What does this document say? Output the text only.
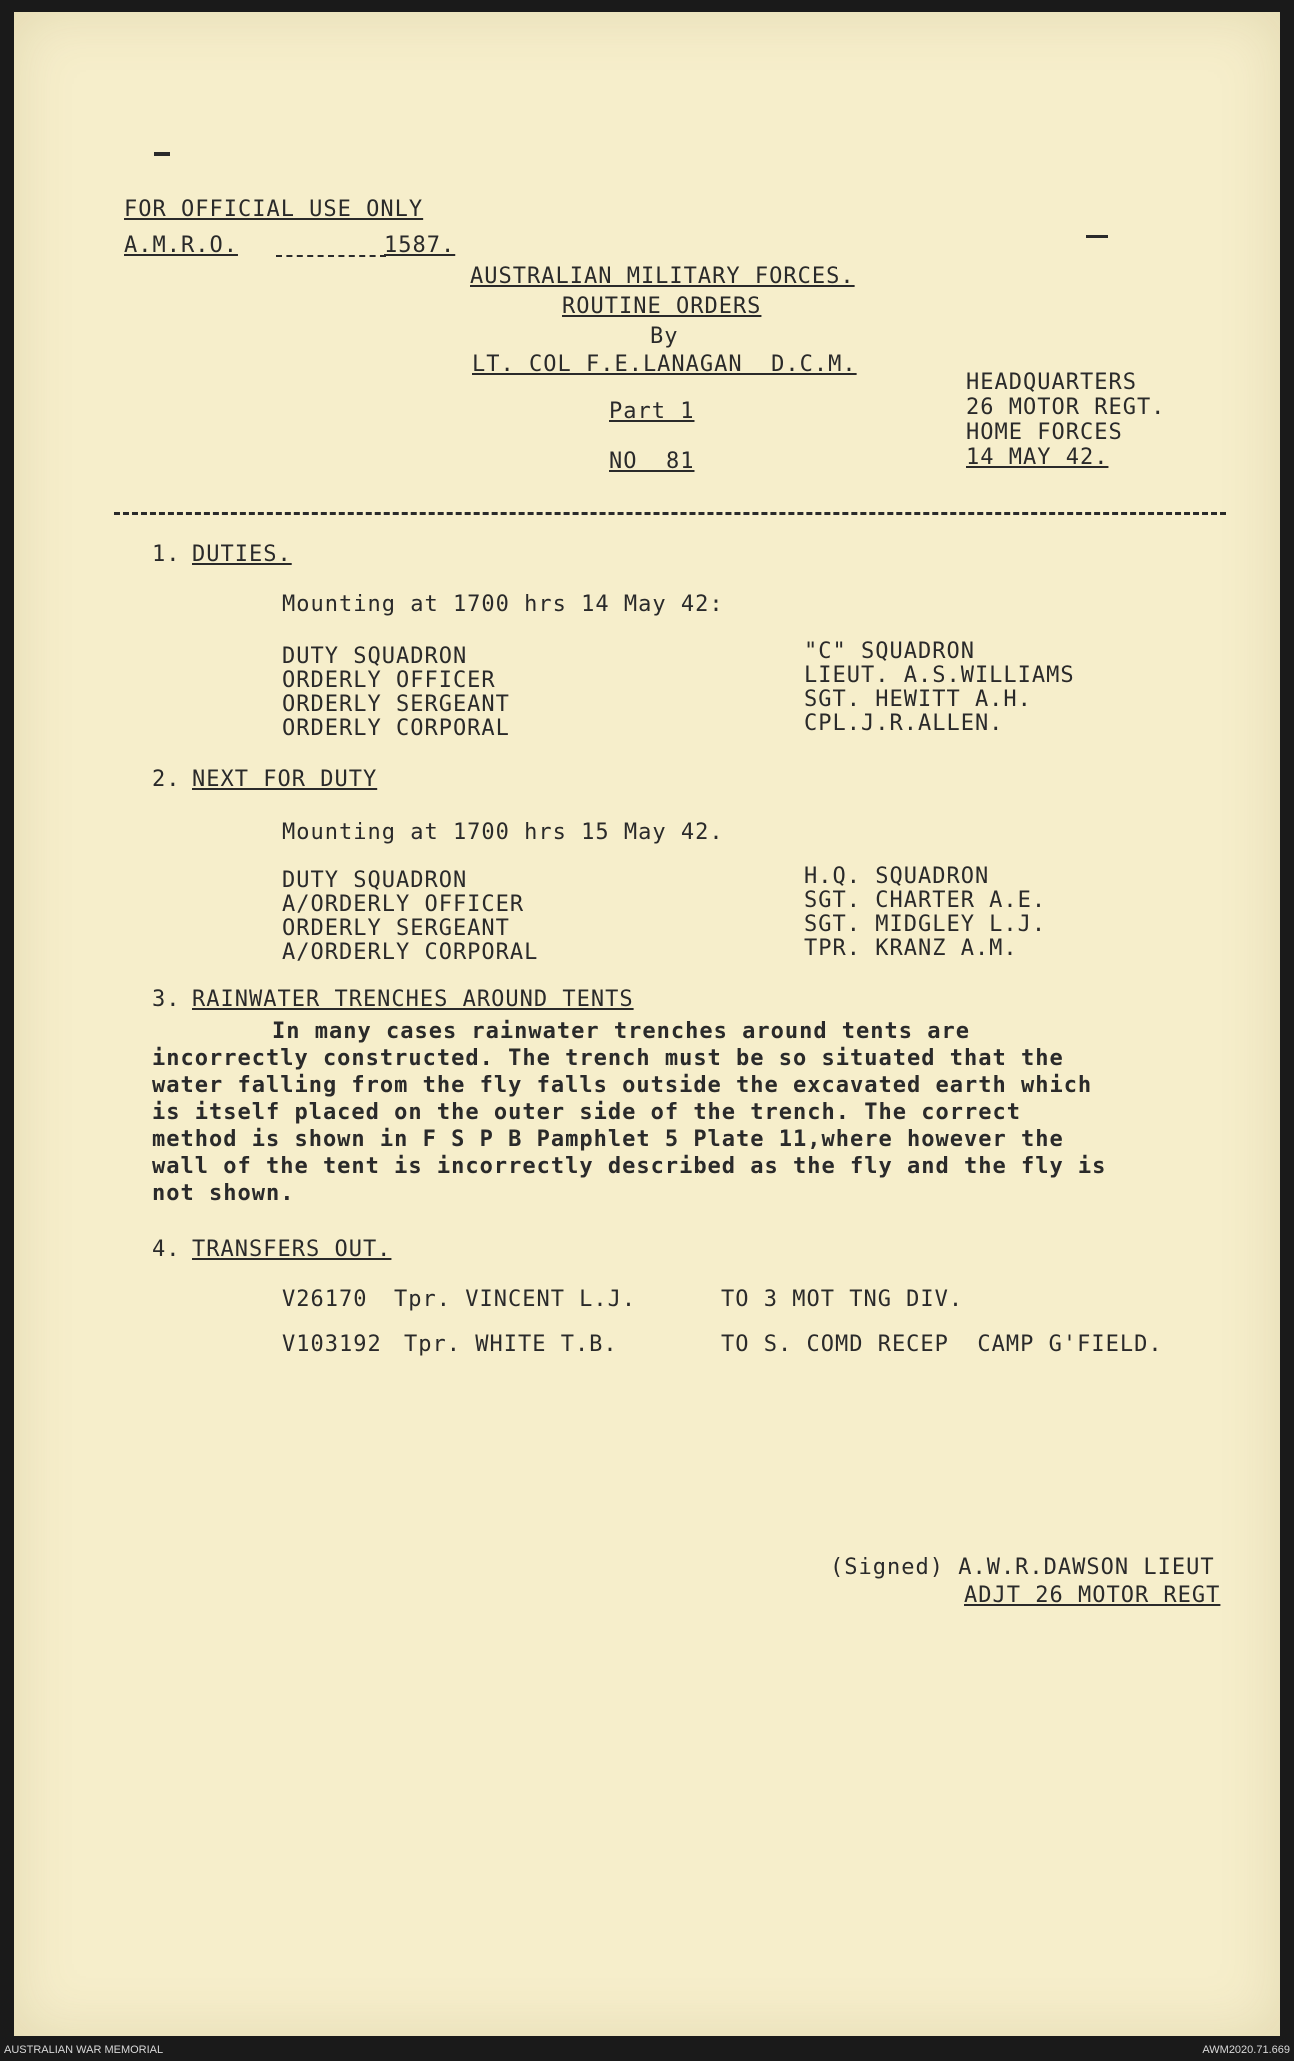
FOR OFFICIAL USE ONLY
A.M.R.O.	1587.
AUSTRALIAN MILITARY FORCES.
ROUTINE ORDERS
By
LT. COL F.E.LANAGAN  D.C.M.
Part 1
NO  81
HEADQUARTERS
26 MOTOR REGT.
HOME FORCES
14 MAY 42.
1. DUTIES.
Mounting at 1700 hrs 14 May 42:
DUTY SQUADRON	"C" SQUADRON
ORDERLY OFFICER	LIEUT. A.S.WILLIAMS
ORDERLY SERGEANT	SGT. HEWITT A.H.
ORDERLY CORPORAL	CPL.J.R.ALLEN.
2. NEXT FOR DUTY
Mounting at 1700 hrs 15 May 42.
DUTY SQUADRON	H.Q. SQUADRON
A/ORDERLY OFFICER	SGT. CHARTER A.E.
ORDERLY SERGEANT	SGT. MIDGLEY L.J.
A/ORDERLY CORPORAL	TPR. KRANZ A.M.
3. RAINWATER TRENCHES AROUND TENTS
In many cases rainwater trenches around tents are
incorrectly constructed. The trench must be so situated that the
water falling from the fly falls outside the excavated earth which
is itself placed on the outer side of the trench. The correct
method is shown in F S P B Pamphlet 5 Plate 11,where however the
wall of the tent is incorrectly described as the fly and the fly is
not shown.
4. TRANSFERS OUT.
V26170 Tpr. VINCENT L.J.	TO 3 MOT TNG DIV.
V103192 Tpr. WHITE T.B.	TO S. COMD RECEP  CAMP G'FIELD.
(Signed) A.W.R.DAWSON LIEUT
ADJT 26 MOTOR REGT
AUSTRALIAN WAR MEMORIAL	AWM2020.71.669
